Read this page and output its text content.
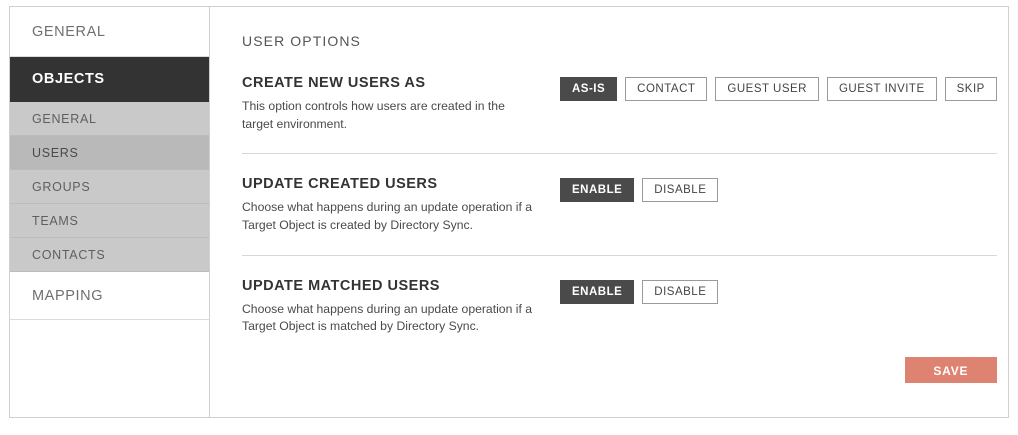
GENERAL
OBJECTS
GENERAL
USERS
GROUPS
TEAMS
CONTACTS
MAPPING
USER OPTIONS
CREATE NEW USERS AS
This option controls how users are created in the target environment.
AS-IS	CONTACT	GUEST USER	GUEST INVITE	SKIP
UPDATE CREATED USERS
Choose what happens during an update operation if a Target Object is created by Directory Sync.
ENABLE	DISABLE
UPDATE MATCHED USERS
Choose what happens during an update operation if a Target Object is matched by Directory Sync.
ENABLE	DISABLE
SAVE
